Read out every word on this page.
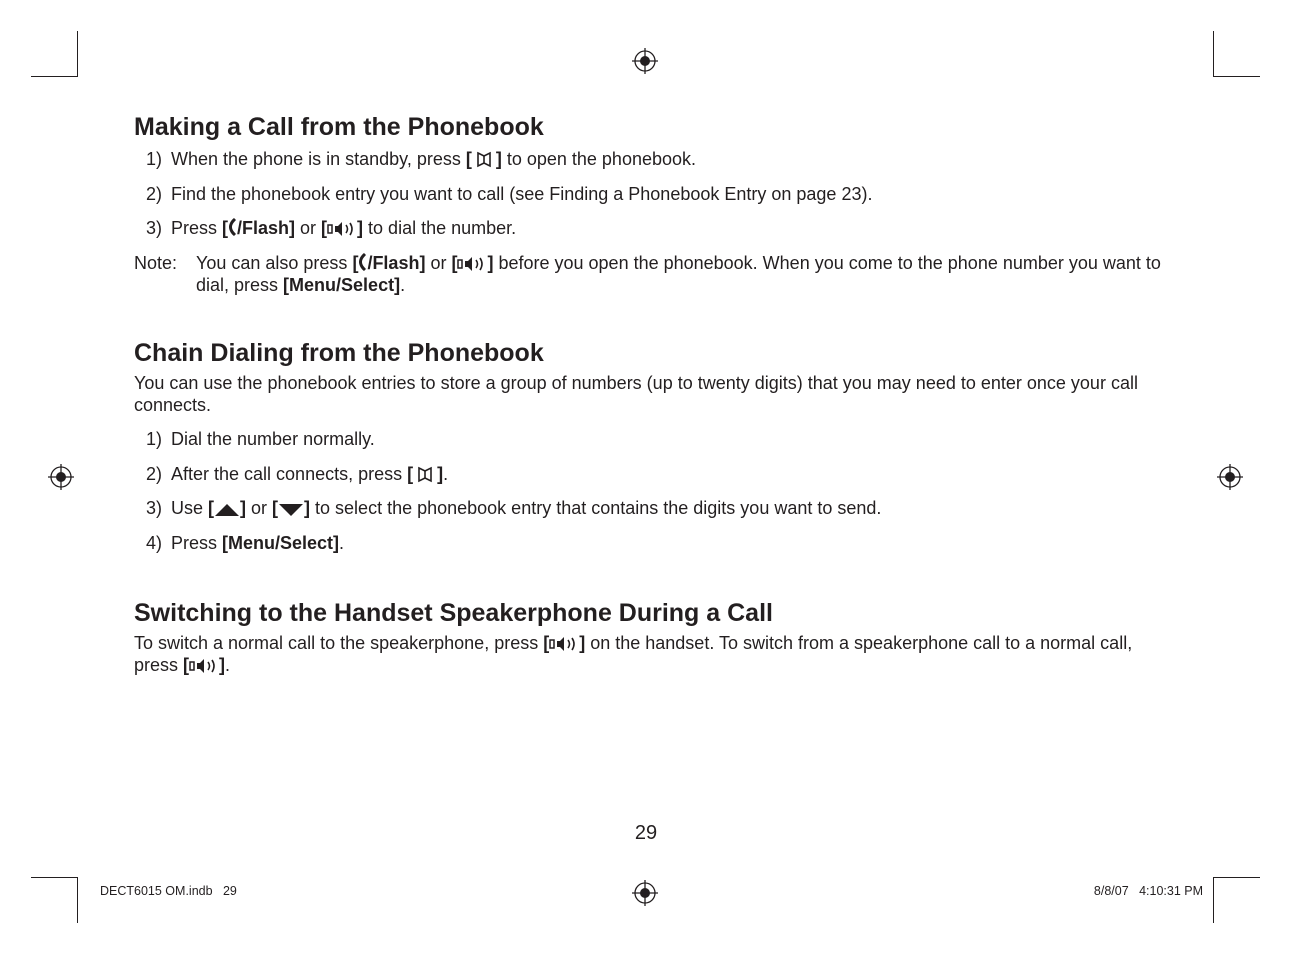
Making a Call from the Phonebook
1) When the phone is in standby, press [  ] to open the phonebook.
2) Find the phonebook entry you want to call (see Finding a Phonebook Entry on page 23).
3) Press [ /Flash] or [ ] to dial the number.
Note:	You can also press [ /Flash] or [ ] before you open the phonebook. When you come to the phone number you want to dial, press [Menu/Select].
Chain Dialing from the Phonebook
You can use the phonebook entries to store a group of numbers (up to twenty digits) that you may need to enter once your call connects.
1) Dial the number normally.
2) After the call connects, press [  ].
3) Use [ ] or [ ] to select the phonebook entry that contains the digits you want to send.
4) Press [Menu/Select].
Switching to the Handset Speakerphone During a Call
To switch a normal call to the speakerphone, press [ ] on the handset. To switch from a speakerphone call to a normal call, press [ ].
29
DECT6015 OM.indb   29	8/8/07   4:10:31 PM
